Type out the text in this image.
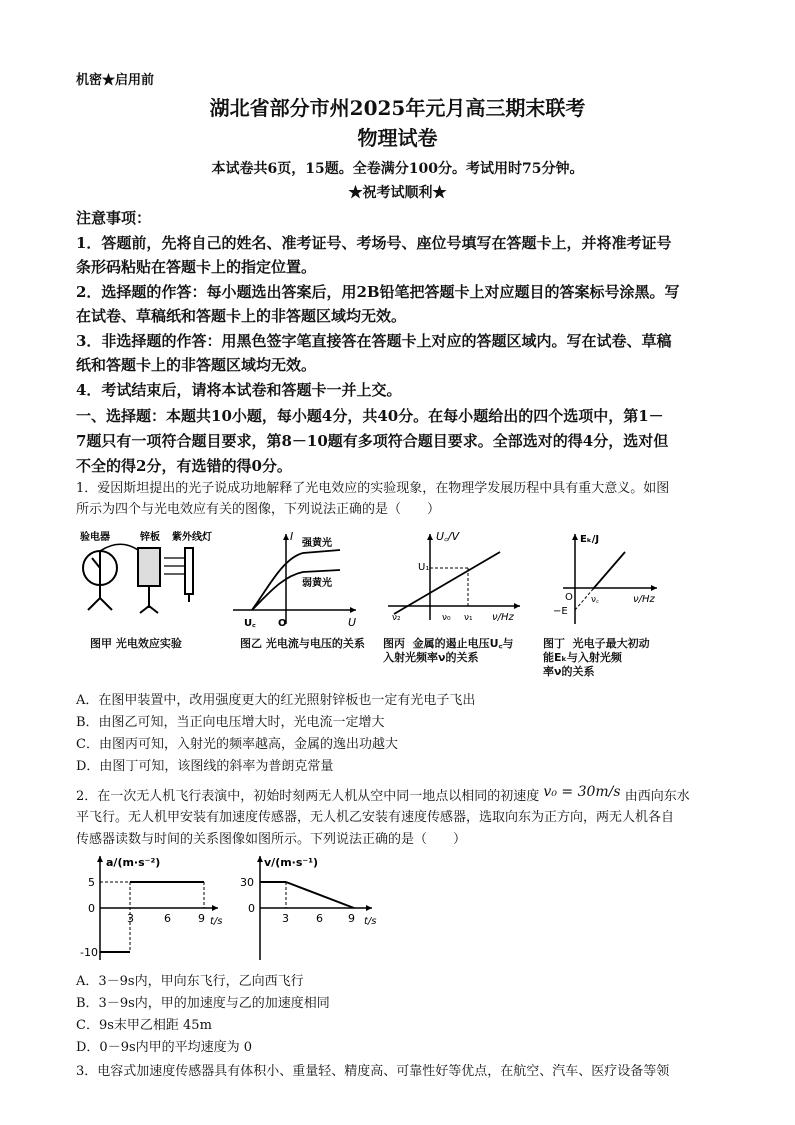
机密★启用前
湖北省部分市州2025年元月高三期末联考
物理试卷
本试卷共6页，15题。全卷满分100分。考试用时75分钟。
★祝考试顺利★
注意事项：
1．答题前，先将自己的姓名、准考证号、考场号、座位号填写在答题卡上，并将准考证号
条形码粘贴在答题卡上的指定位置。
2．选择题的作答：每小题选出答案后，用2B铅笔把答题卡上对应题目的答案标号涂黑。写
在试卷、草稿纸和答题卡上的非答题区域均无效。
3．非选择题的作答：用黑色签字笔直接答在答题卡上对应的答题区域内。写在试卷、草稿
纸和答题卡上的非答题区域均无效。
4．考试结束后，请将本试卷和答题卡一并上交。
一、选择题：本题共10小题，每小题4分，共40分。在每小题给出的四个选项中，第1－
7题只有一项符合题目要求，第8－10题有多项符合题目要求。全部选对的得4分，选对但
不全的得2分，有选错的得0分。
1．爱因斯坦提出的光子说成功地解释了光电效应的实验现象，在物理学发展历程中具有重大意义。如图
所示为四个与光电效应有关的图像，下列说法正确的是（　　）
验电器	锌板 紫外线灯
图甲 光电效应实验
I
U
强黄光
弱黄光
U꜀ O
图乙 光电流与电压的关系
U꜀/V
ν/Hz
U₁
ν₂	ν₀ ν₁
图丙  金属的遏止电压U꜀与
入射光频率ν的关系
Eₖ/J
ν/Hz
O ν꜀
−E
图丁  光电子最大初动
能Eₖ与入射光频
率ν的关系
A．在图甲装置中，改用强度更大的红光照射锌板也一定有光电子飞出
B．由图乙可知，当正向电压增大时，光电流一定增大
C．由图丙可知，入射光的频率越高，金属的逸出功越大
D．由图丁可知，该图线的斜率为普朗克常量
2．在一次无人机飞行表演中，初始时刻两无人机从空中同一地点以相同的初速度 v₀ = 30m/s 由西向东水
平飞行。无人机甲安装有加速度传感器，无人机乙安装有速度传感器，选取向东为正方向，两无人机各自
传感器读数与时间的关系图像如图所示。下列说法正确的是（　　）
a/(m·s⁻²)
t/s
5
0
-10
3	6 9
v/(m·s⁻¹)
t/s
30
0
3 6 9
A．3－9s内，甲向东飞行，乙向西飞行
B．3－9s内，甲的加速度与乙的加速度相同
C．9s末甲乙相距 45m
D．0－9s内甲的平均速度为 0
3．电容式加速度传感器具有体积小、重量轻、精度高、可靠性好等优点，在航空、汽车、医疗设备等领
